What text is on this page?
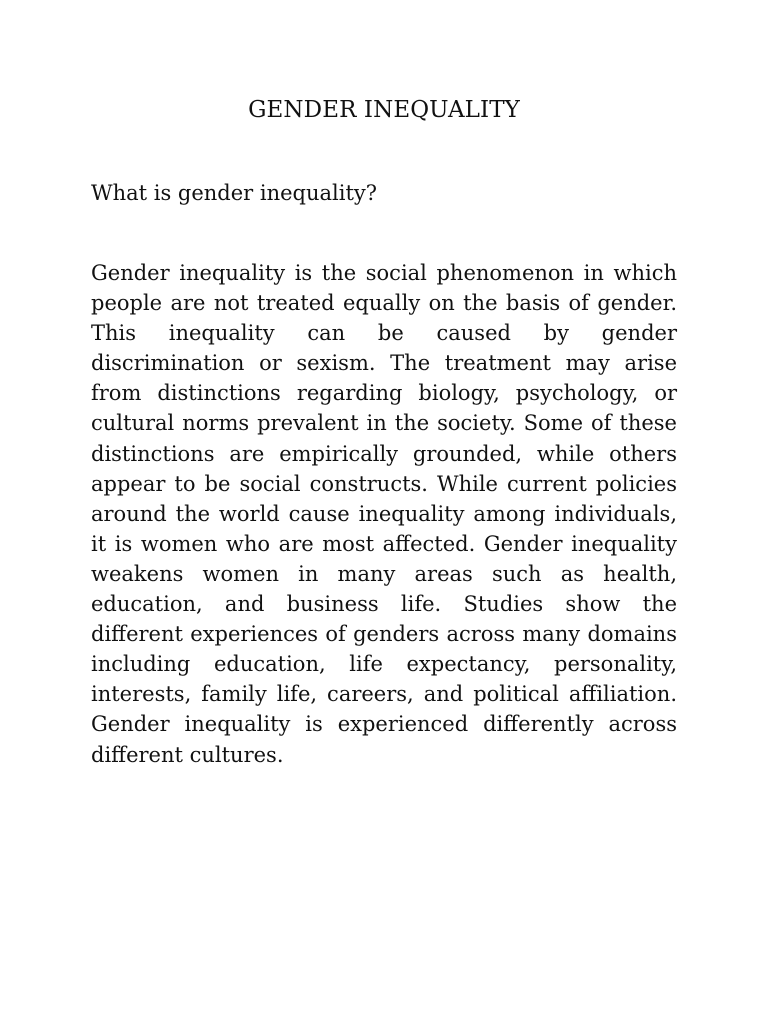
GENDER INEQUALITY
What is gender inequality?

Gender inequality is the social phenomenon in which people are not treated equally on the basis of gender. This inequality can be caused by gender discrimination or sexism. The treatment may arise from distinctions regarding biology, psychology, or cultural norms prevalent in the society. Some of these distinctions are empirically grounded, while others appear to be social constructs. While current policies around the world cause inequality among individuals, it is women who are most affected. Gender inequality weakens women in many areas such as health, education, and business life. Studies show the different experiences of genders across many domains including education, life expectancy, personality, interests, family life, careers, and political affiliation. Gender inequality is experienced differently across different cultures.
